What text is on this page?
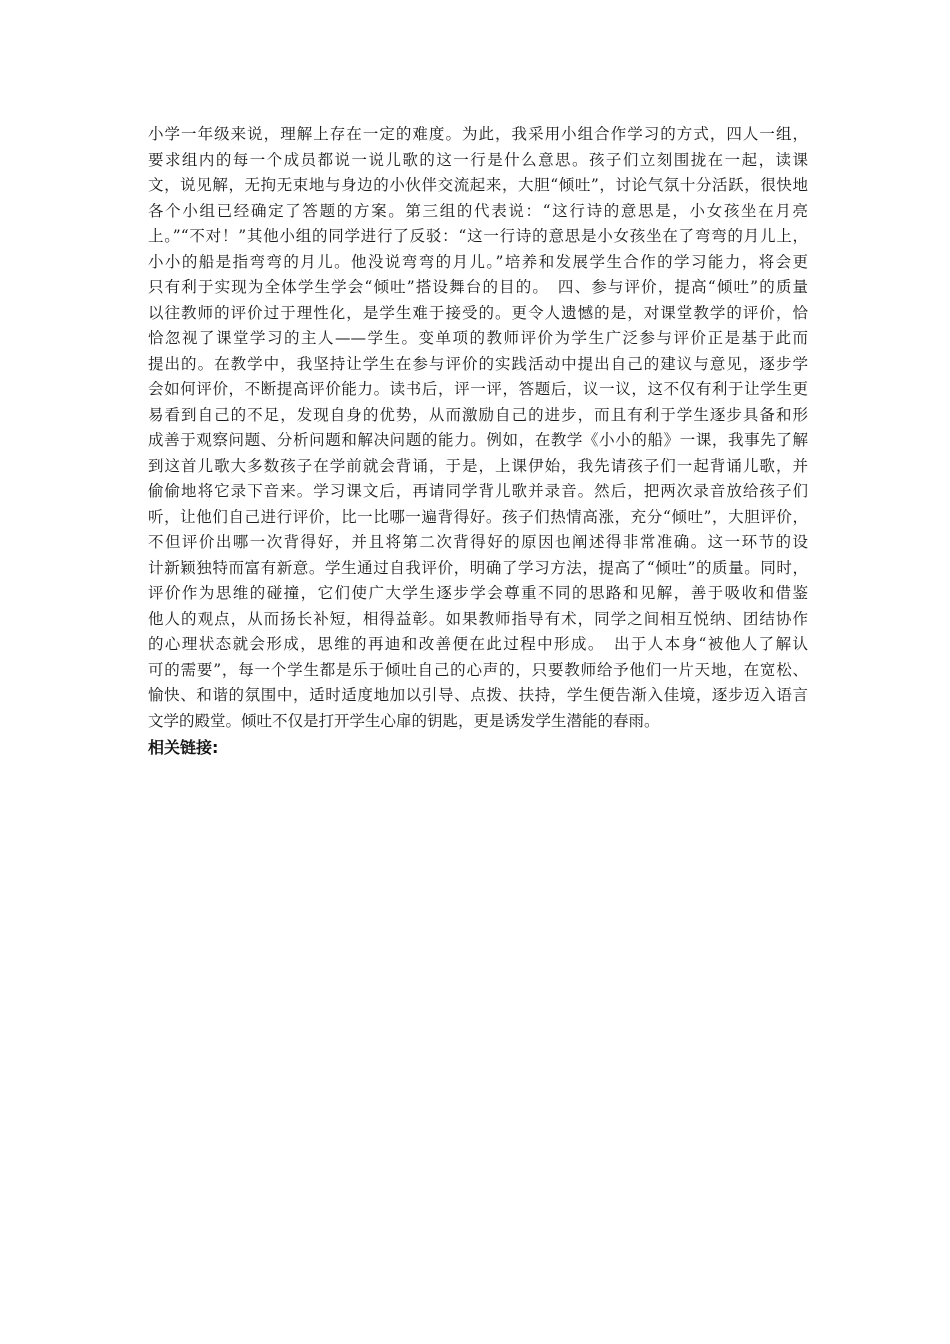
小学一年级来说，理解上存在一定的难度。为此，我采用小组合作学习的方式，四人一组，
要求组内的每一个成员都说一说儿歌的这一行是什么意思。孩子们立刻围拢在一起，读课
文，说见解，无拘无束地与身边的小伙伴交流起来，大胆“倾吐”，讨论气氛十分活跃，很快地
各个小组已经确定了答题的方案。第三组的代表说：“这行诗的意思是，小女孩坐在月亮
上。”“不对！”其他小组的同学进行了反驳：“这一行诗的意思是小女孩坐在了弯弯的月儿上，
小小的船是指弯弯的月儿。他没说弯弯的月儿。”培养和发展学生合作的学习能力，将会更
只有利于实现为全体学生学会“倾吐”搭设舞台的目的。　四、参与评价，提高“倾吐”的质量
以往教师的评价过于理性化，是学生难于接受的。更令人遗憾的是，对课堂教学的评价，恰
恰忽视了课堂学习的主人——学生。变单项的教师评价为学生广泛参与评价正是基于此而
提出的。在教学中，我坚持让学生在参与评价的实践活动中提出自己的建议与意见，逐步学
会如何评价，不断提高评价能力。读书后，评一评，答题后，议一议，这不仅有利于让学生更
易看到自己的不足，发现自身的优势，从而激励自己的进步，而且有利于学生逐步具备和形
成善于观察问题、分析问题和解决问题的能力。例如，在教学《小小的船》一课，我事先了解
到这首儿歌大多数孩子在学前就会背诵，于是，上课伊始，我先请孩子们一起背诵儿歌，并
偷偷地将它录下音来。学习课文后，再请同学背儿歌并录音。然后，把两次录音放给孩子们
听，让他们自己进行评价，比一比哪一遍背得好。孩子们热情高涨，充分“倾吐”，大胆评价，
不但评价出哪一次背得好，并且将第二次背得好的原因也阐述得非常准确。这一环节的设
计新颖独特而富有新意。学生通过自我评价，明确了学习方法，提高了“倾吐”的质量。同时，
评价作为思维的碰撞，它们使广大学生逐步学会尊重不同的思路和见解，善于吸收和借鉴
他人的观点，从而扬长补短，相得益彰。如果教师指导有术，同学之间相互悦纳、团结协作
的心理状态就会形成，思维的再迪和改善便在此过程中形成。　出于人本身“被他人了解认
可的需要”，每一个学生都是乐于倾吐自己的心声的，只要教师给予他们一片天地，在宽松、
愉快、和谐的氛围中，适时适度地加以引导、点拨、扶持，学生便告渐入佳境，逐步迈入语言
文学的殿堂。倾吐不仅是打开学生心扉的钥匙，更是诱发学生潜能的春雨。
相关链接:
